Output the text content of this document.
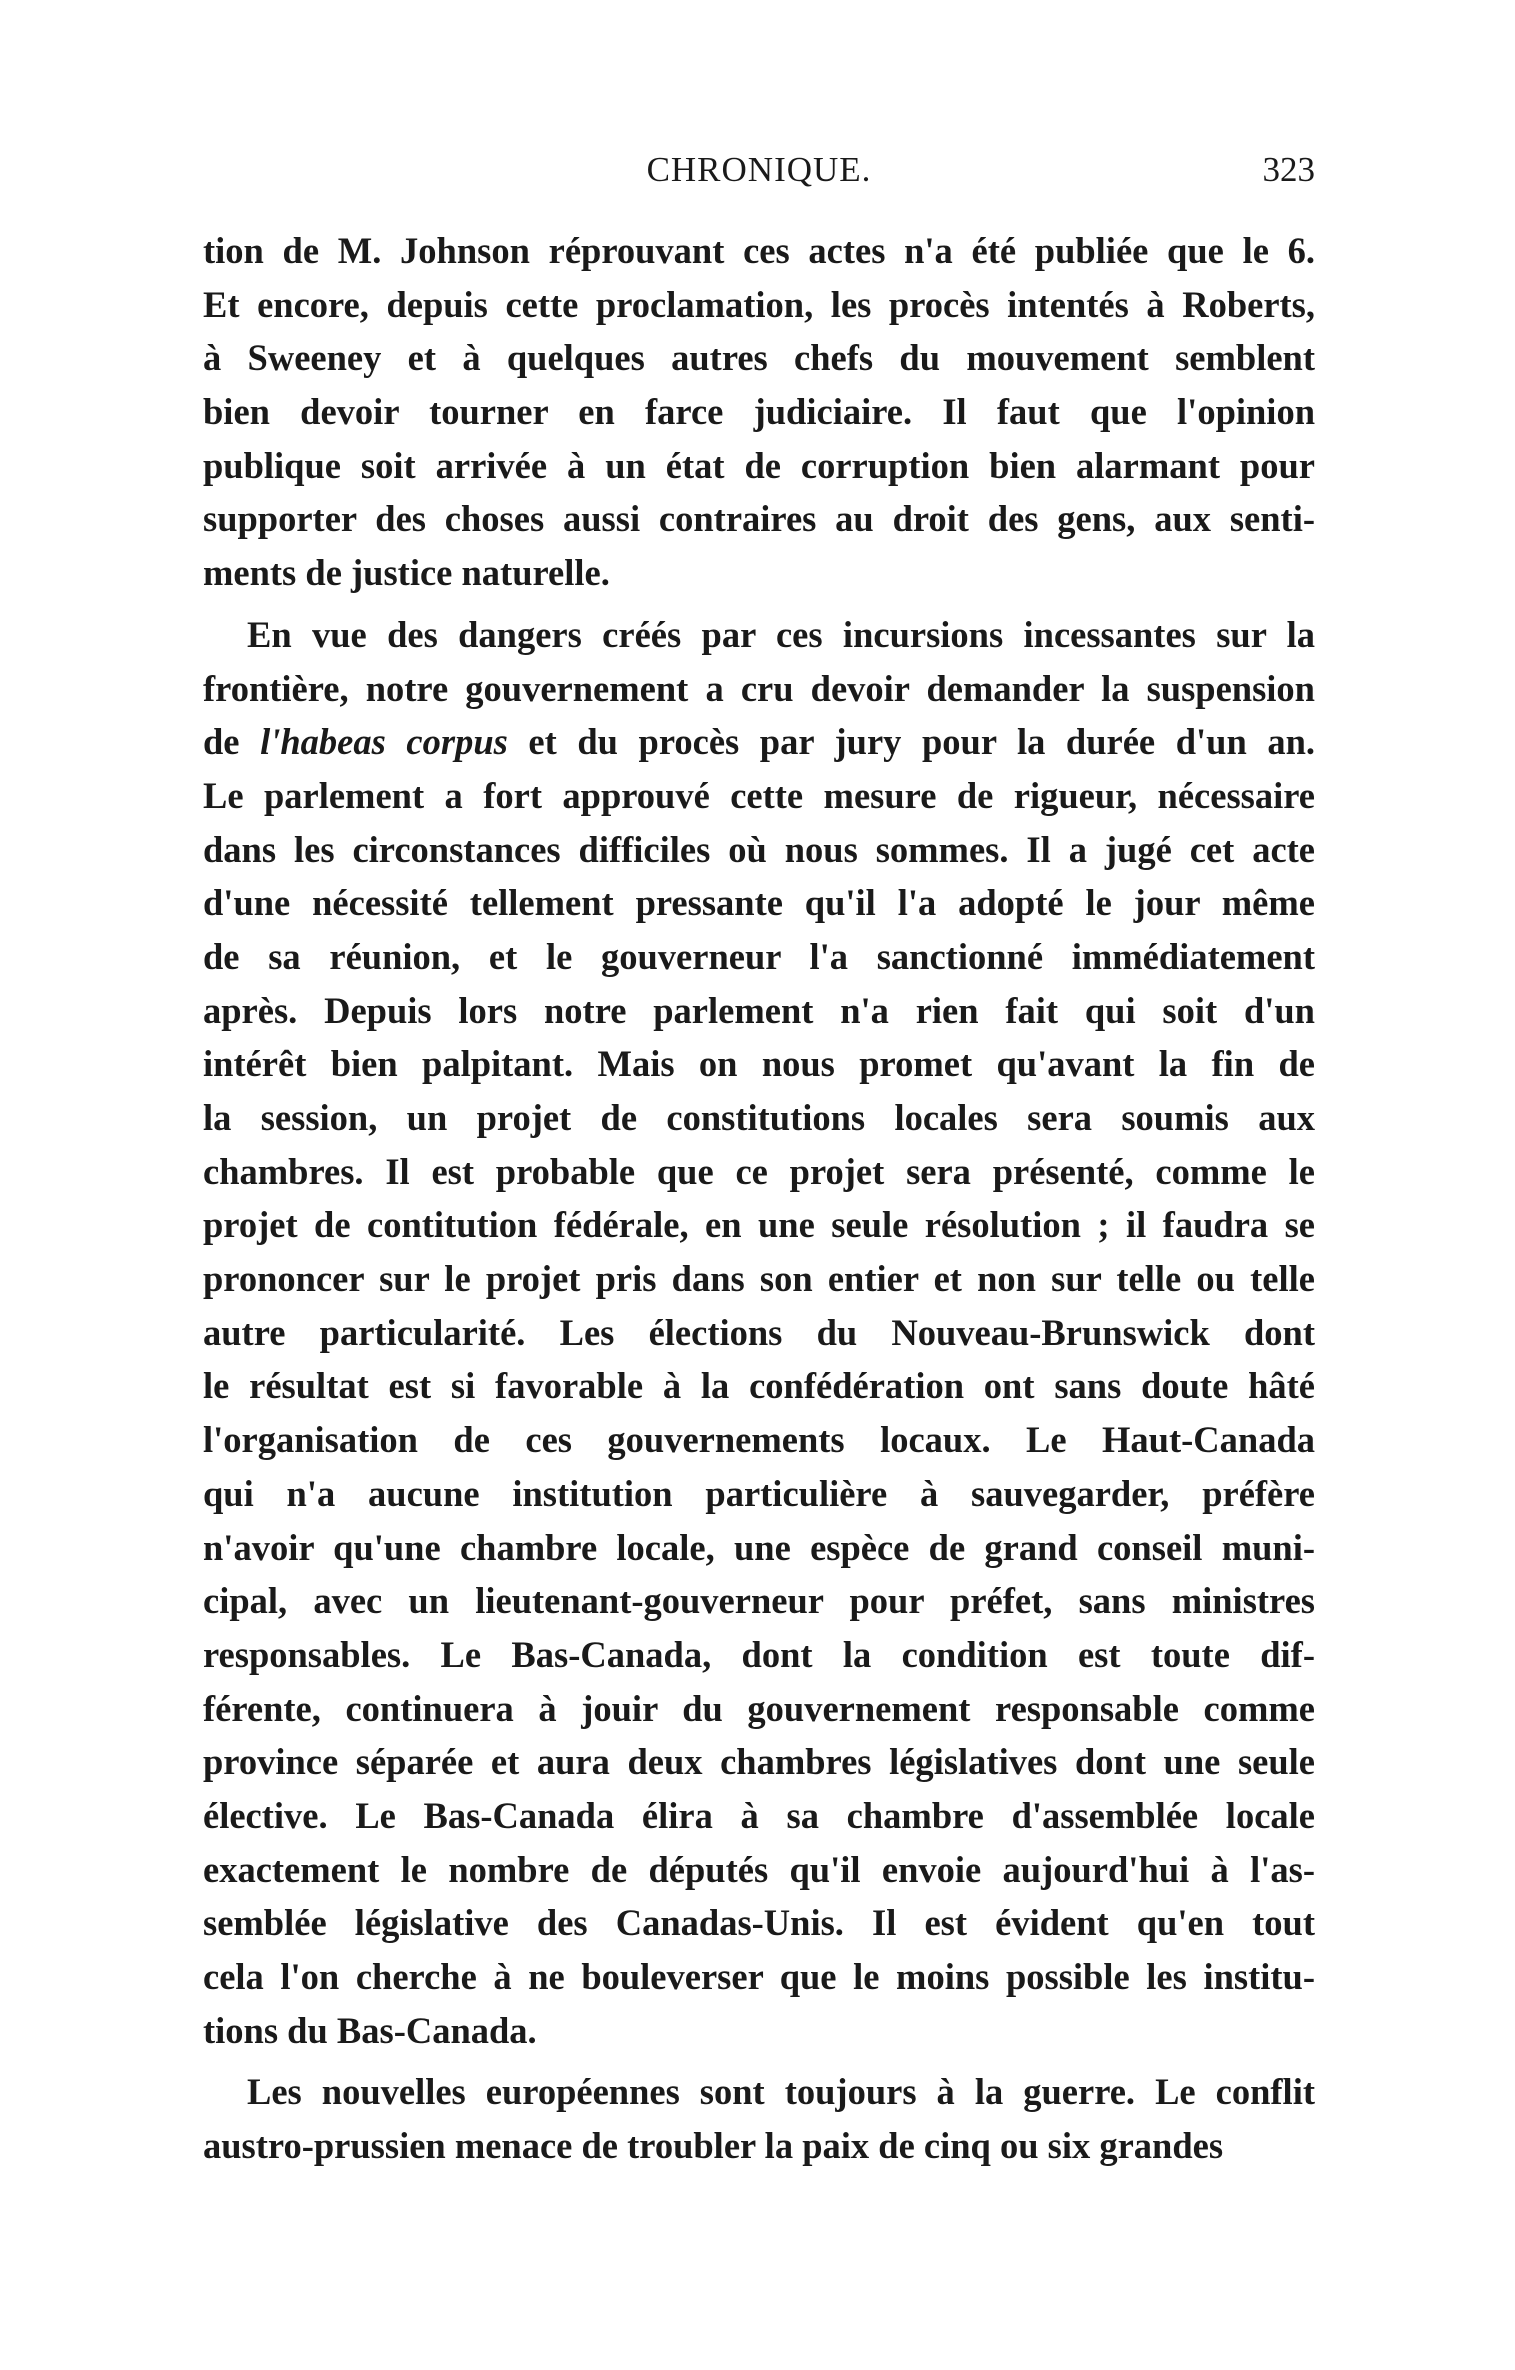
CHRONIQUE.	323
tion de M. Johnson réprouvant ces actes n'a été publiée que le 6.
Et encore, depuis cette proclamation, les procès intentés à Roberts,
à Sweeney et à quelques autres chefs du mouvement semblent
bien devoir tourner en farce judiciaire. Il faut que l'opinion
publique soit arrivée à un état de corruption bien alarmant pour
supporter des choses aussi contraires au droit des gens, aux senti-
ments de justice naturelle.
En vue des dangers créés par ces incursions incessantes sur la
frontière, notre gouvernement a cru devoir demander la suspension
de l'habeas corpus et du procès par jury pour la durée d'un an.
Le parlement a fort approuvé cette mesure de rigueur, nécessaire
dans les circonstances difficiles où nous sommes. Il a jugé cet acte
d'une nécessité tellement pressante qu'il l'a adopté le jour même
de sa réunion, et le gouverneur l'a sanctionné immédiatement
après. Depuis lors notre parlement n'a rien fait qui soit d'un
intérêt bien palpitant. Mais on nous promet qu'avant la fin de
la session, un projet de constitutions locales sera soumis aux
chambres. Il est probable que ce projet sera présenté, comme le
projet de contitution fédérale, en une seule résolution ; il faudra se
prononcer sur le projet pris dans son entier et non sur telle ou telle
autre particularité. Les élections du Nouveau-Brunswick dont
le résultat est si favorable à la confédération ont sans doute hâté
l'organisation de ces gouvernements locaux. Le Haut-Canada
qui n'a aucune institution particulière à sauvegarder, préfère
n'avoir qu'une chambre locale, une espèce de grand conseil muni-
cipal, avec un lieutenant-gouverneur pour préfet, sans ministres
responsables. Le Bas-Canada, dont la condition est toute dif-
férente, continuera à jouir du gouvernement responsable comme
province séparée et aura deux chambres législatives dont une seule
élective. Le Bas-Canada élira à sa chambre d'assemblée locale
exactement le nombre de députés qu'il envoie aujourd'hui à l'as-
semblée législative des Canadas-Unis. Il est évident qu'en tout
cela l'on cherche à ne bouleverser que le moins possible les institu-
tions du Bas-Canada.
Les nouvelles européennes sont toujours à la guerre. Le conflit
austro-prussien menace de troubler la paix de cinq ou six grandes
